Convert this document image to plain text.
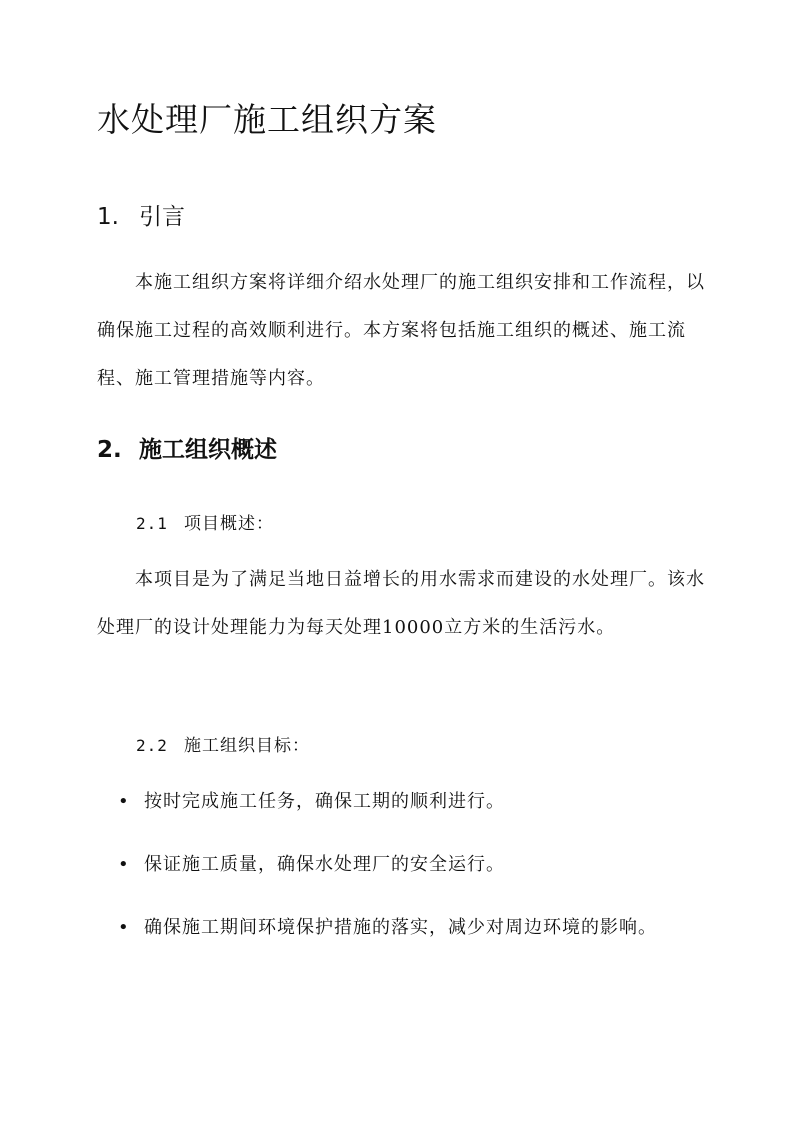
水处理厂施工组织方案
1. 引言

本施工组织方案将详细介绍水处理厂的施工组织安排和工作流程，以确保施工过程的高效顺利进行。本方案将包括施工组织的概述、施工流程、施工管理措施等内容。

2. 施工组织概述

2.1 项目概述：

本项目是为了满足当地日益增长的用水需求而建设的水处理厂。该水处理厂的设计处理能力为每天处理10000立方米的生活污水。

2.2 施工组织目标：

• 按时完成施工任务，确保工期的顺利进行。
• 保证施工质量，确保水处理厂的安全运行。
• 确保施工期间环境保护措施的落实，减少对周边环境的影响。
